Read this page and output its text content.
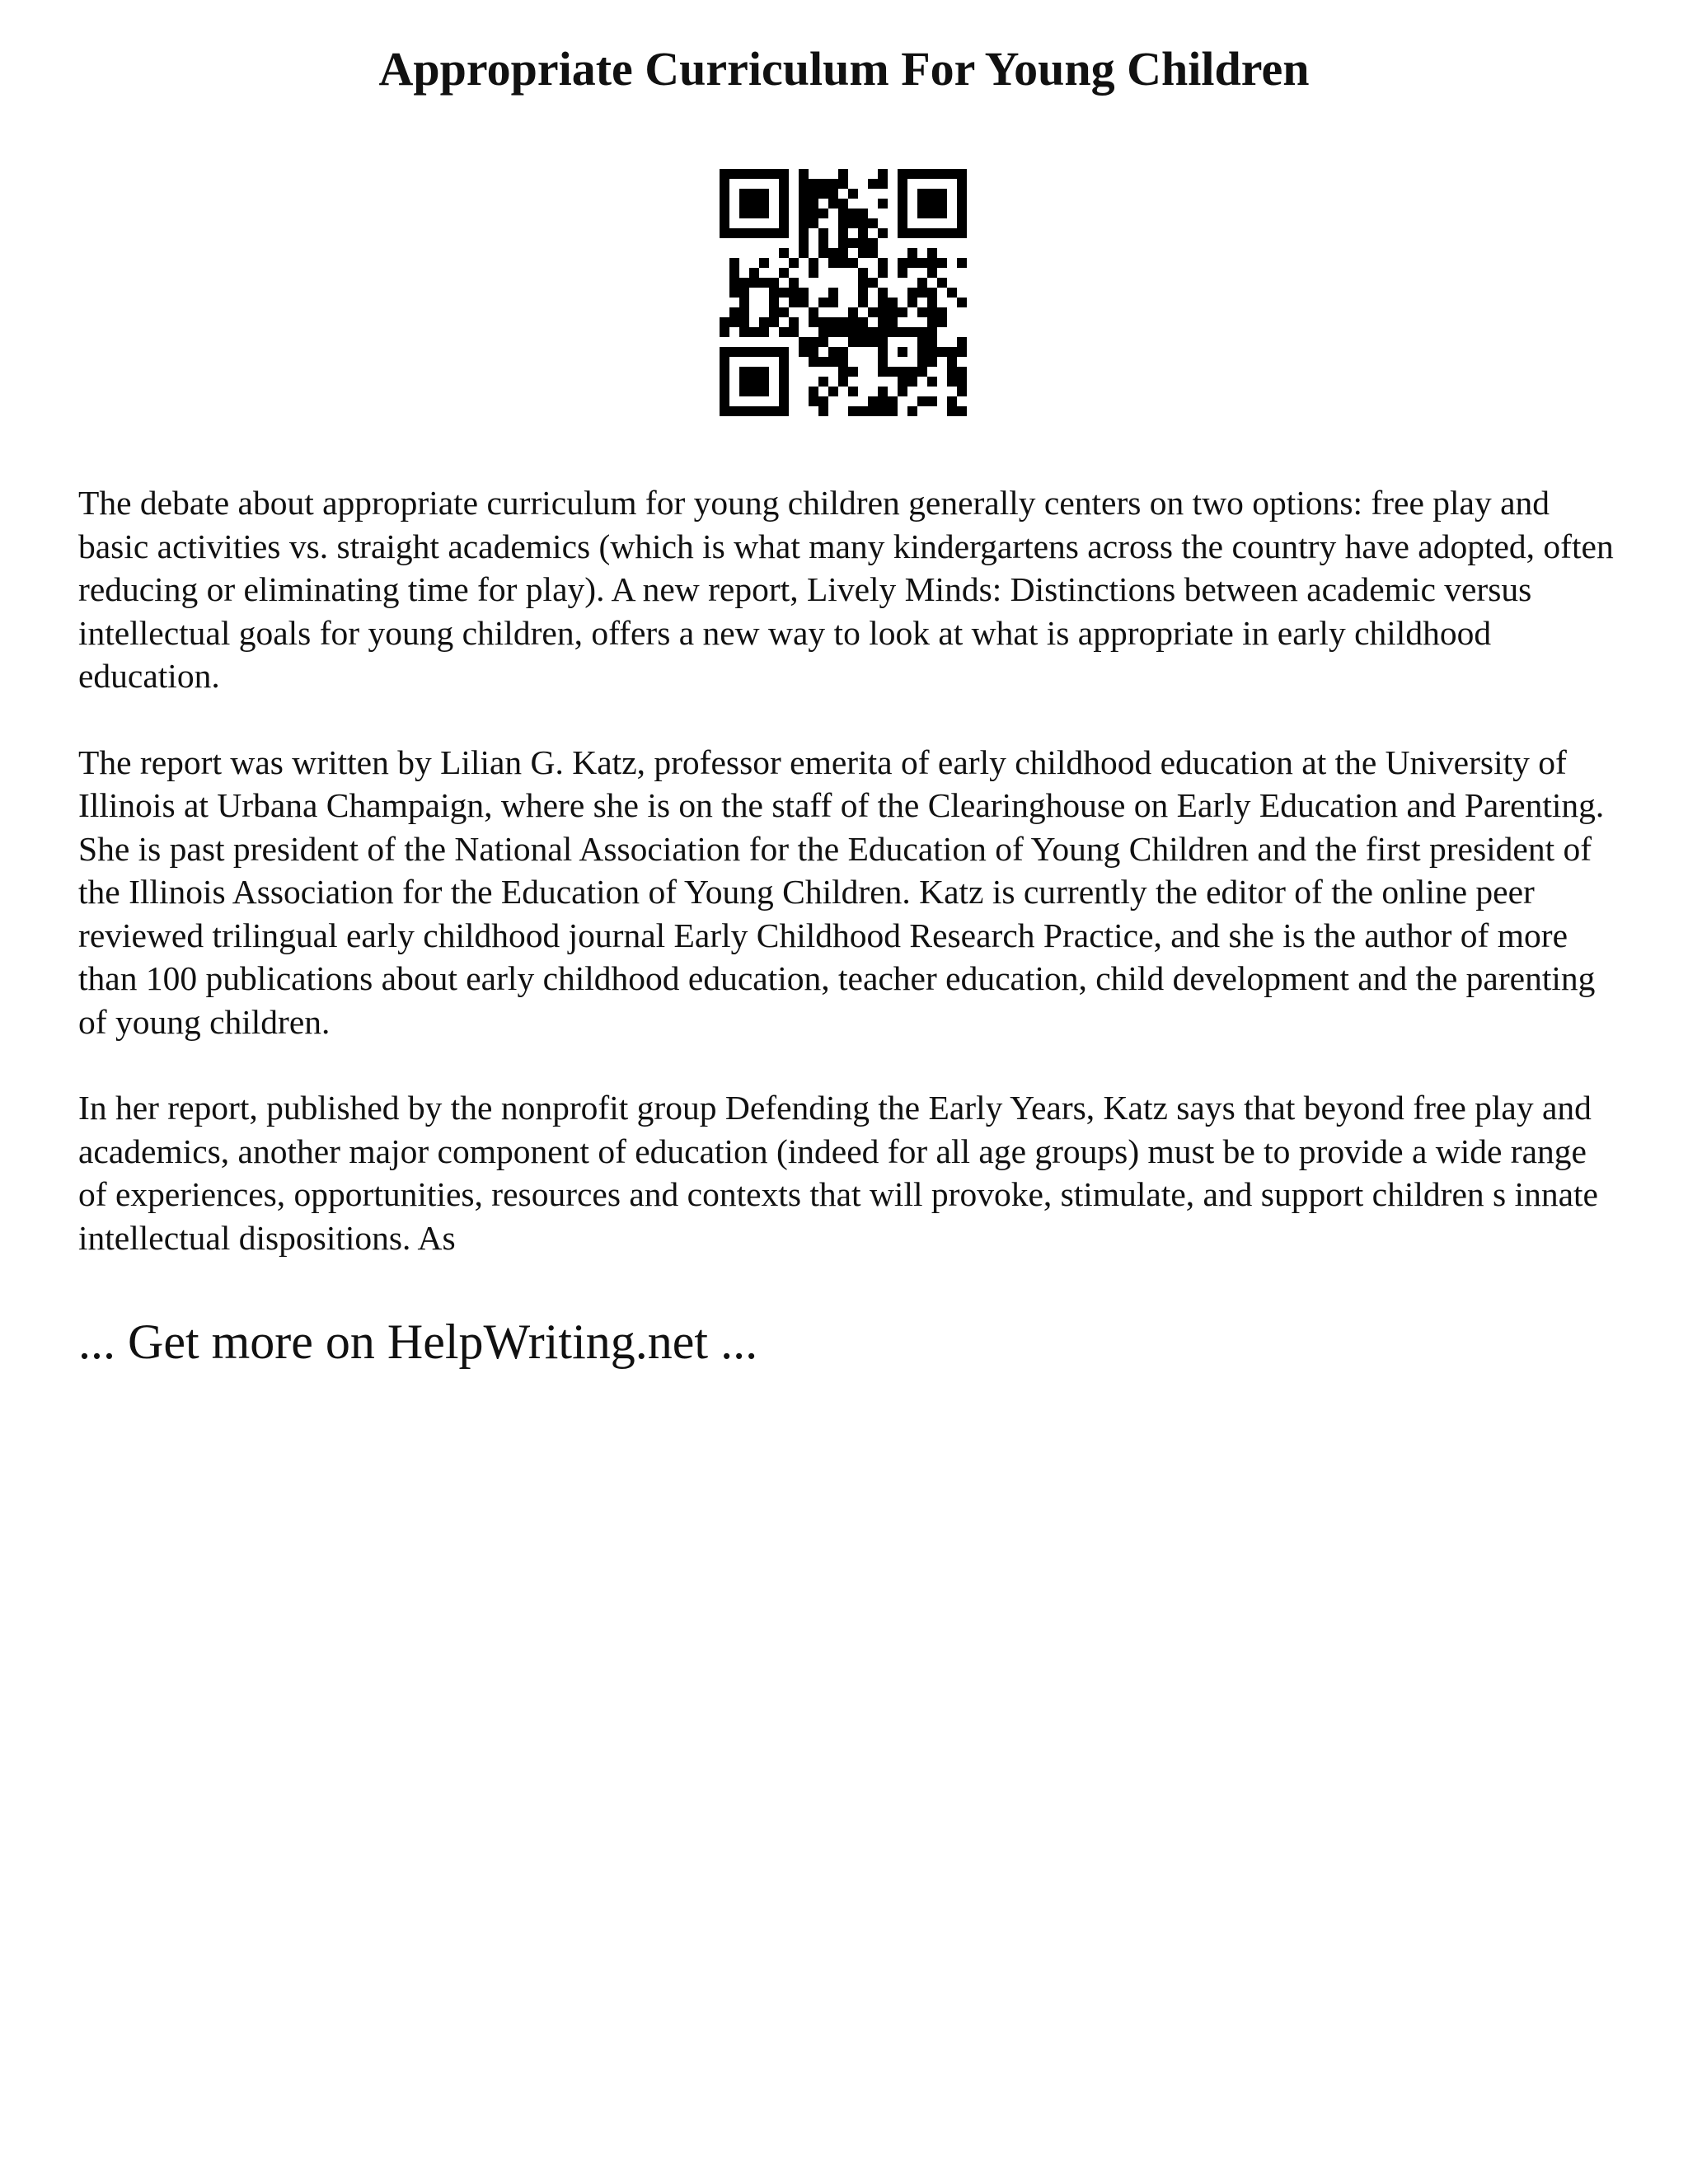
Appropriate Curriculum For Young Children

The debate about appropriate curriculum for young children generally centers on two options: free play and basic activities vs. straight academics (which is what many kindergartens across the country have adopted, often reducing or eliminating time for play). A new report, Lively Minds: Distinctions between academic versus intellectual goals for young children, offers a new way to look at what is appropriate in early childhood education.

The report was written by Lilian G. Katz, professor emerita of early childhood education at the University of Illinois at Urbana Champaign, where she is on the staff of the Clearinghouse on Early Education and Parenting. She is past president of the National Association for the Education of Young Children and the first president of the Illinois Association for the Education of Young Children. Katz is currently the editor of the online peer reviewed trilingual early childhood journal Early Childhood Research Practice, and she is the author of more than 100 publications about early childhood education, teacher education, child development and the parenting of young children.

In her report, published by the nonprofit group Defending the Early Years, Katz says that beyond free play and academics, another major component of education (indeed for all age groups) must be to provide a wide range of experiences, opportunities, resources and contexts that will provoke, stimulate, and support children s innate intellectual dispositions. As

... Get more on HelpWriting.net ...
